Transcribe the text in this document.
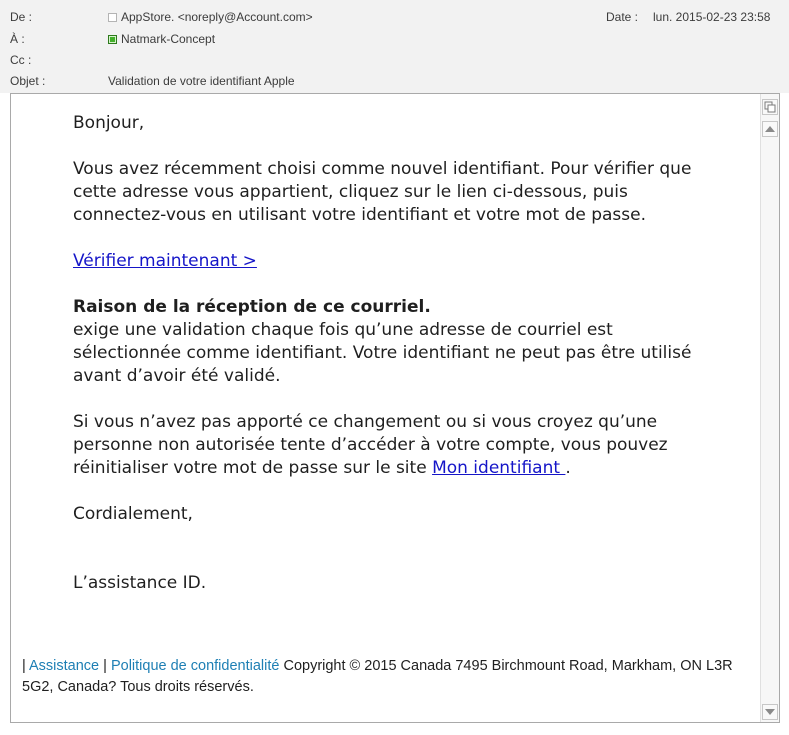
De :	AppStore. <noreply@Account.com>	Date : lun. 2015-02-23 23:58
À :	Natmark-Concept
Cc :
Objet :	Validation de votre identifiant Apple

Bonjour,

Vous avez récemment choisi comme nouvel identifiant. Pour vérifier que cette adresse vous appartient, cliquez sur le lien ci-dessous, puis connectez-vous en utilisant votre identifiant et votre mot de passe.

Vérifier maintenant >

Raison de la réception de ce courriel.

exige une validation chaque fois qu’une adresse de courriel est sélectionnée comme identifiant. Votre identifiant ne peut pas être utilisé avant d’avoir été validé.

Si vous n’avez pas apporté ce changement ou si vous croyez qu’une personne non autorisée tente d’accéder à votre compte, vous pouvez réinitialiser votre mot de passe sur le site Mon identifiant .

Cordialement,

L’assistance ID.

| Assistance | Politique de confidentialité Copyright © 2015 Canada 7495 Birchmount Road, Markham, ON L3R 5G2, Canada? Tous droits réservés.
